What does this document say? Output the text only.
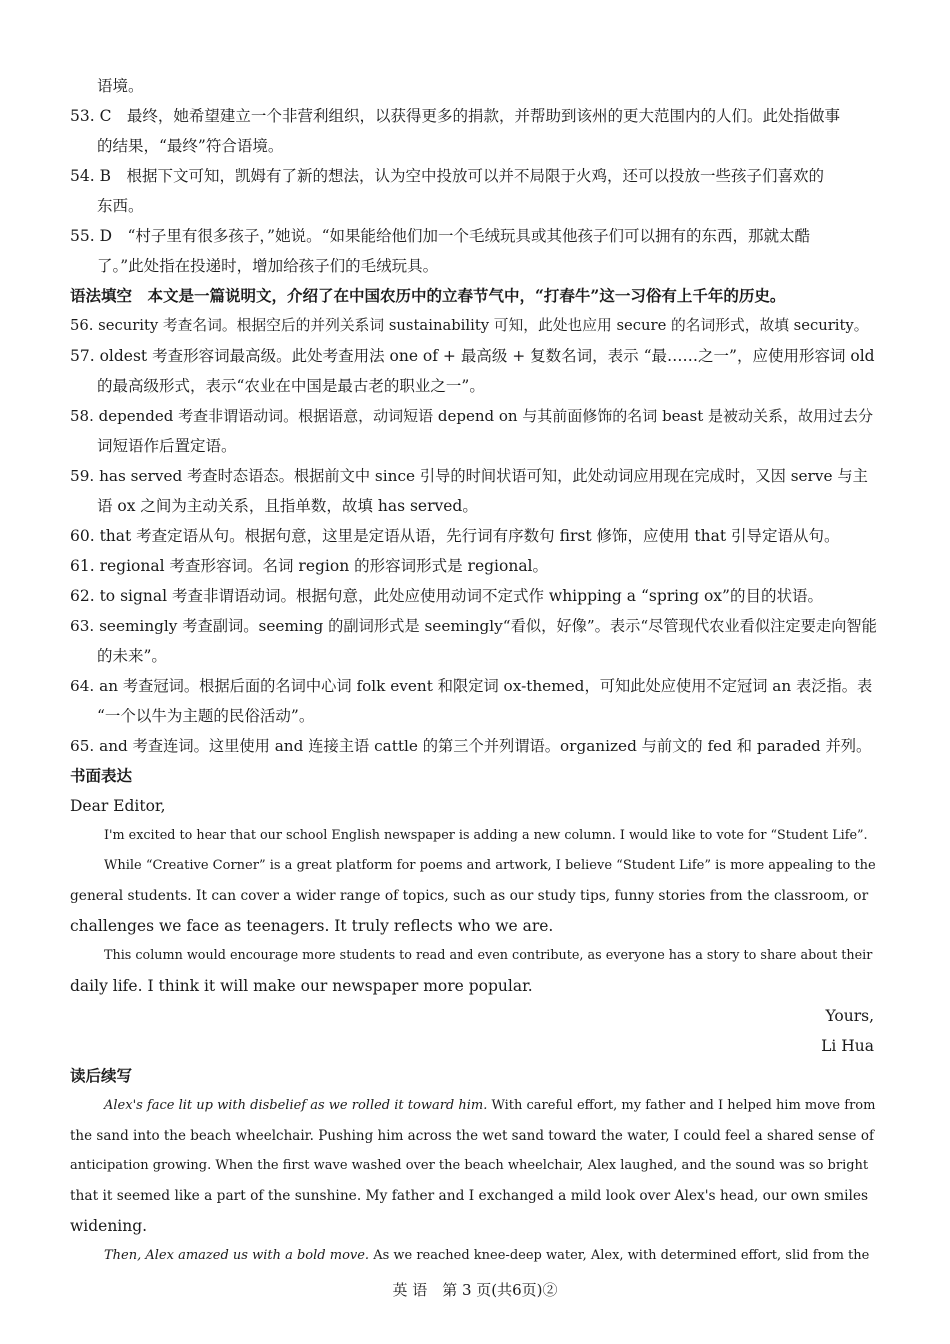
语境。
53. C　最终，她希望建立一个非营利组织，以获得更多的捐款，并帮助到该州的更大范围内的人们。此处指做事
的结果，“最终”符合语境。
54. B　根据下文可知，凯姆有了新的想法，认为空中投放可以并不局限于火鸡，还可以投放一些孩子们喜欢的
东西。
55. D　“村子里有很多孩子，”她说。“如果能给他们加一个毛绒玩具或其他孩子们可以拥有的东西，那就太酷
了。”此处指在投递时，增加给孩子们的毛绒玩具。
语法填空　本文是一篇说明文，介绍了在中国农历中的立春节气中，“打春牛”这一习俗有上千年的历史。
56. security 考查名词。根据空后的并列关系词 sustainability 可知，此处也应用 secure 的名词形式，故填 security。
57. oldest 考查形容词最高级。此处考查用法 one of + 最高级 + 复数名词，表示 “最……之一”，应使用形容词 old
的最高级形式，表示“农业在中国是最古老的职业之一”。
58. depended 考查非谓语动词。根据语意，动词短语 depend on 与其前面修饰的名词 beast 是被动关系，故用过去分
词短语作后置定语。
59. has served 考查时态语态。根据前文中 since 引导的时间状语可知，此处动词应用现在完成时，又因 serve 与主
语 ox 之间为主动关系，且指单数，故填 has served。
60. that 考查定语从句。根据句意，这里是定语从语，先行词有序数句 first 修饰，应使用 that 引导定语从句。
61. regional 考查形容词。名词 region 的形容词形式是 regional。
62. to signal 考查非谓语动词。根据句意，此处应使用动词不定式作 whipping a “spring ox”的目的状语。
63. seemingly 考查副词。seeming 的副词形式是 seemingly“看似，好像”。表示“尽管现代农业看似注定要走向智能
的未来”。
64. an 考查冠词。根据后面的名词中心词 folk event 和限定词 ox-themed，可知此处应使用不定冠词 an 表泛指。表
“一个以牛为主题的民俗活动”。
65. and 考查连词。这里使用 and 连接主语 cattle 的第三个并列谓语。organized 与前文的 fed 和 paraded 并列。
书面表达
Dear Editor,
I'm excited to hear that our school English newspaper is adding a new column. I would like to vote for “Student Life”.
While “Creative Corner” is a great platform for poems and artwork, I believe “Student Life” is more appealing to the
general students. It can cover a wider range of topics, such as our study tips, funny stories from the classroom, or
challenges we face as teenagers. It truly reflects who we are.
This column would encourage more students to read and even contribute, as everyone has a story to share about their
daily life. I think it will make our newspaper more popular.
Yours,
Li Hua
读后续写
Alex's face lit up with disbelief as we rolled it toward him. With careful effort, my father and I helped him move from
the sand into the beach wheelchair. Pushing him across the wet sand toward the water, I could feel a shared sense of
anticipation growing. When the first wave washed over the beach wheelchair, Alex laughed, and the sound was so bright
that it seemed like a part of the sunshine. My father and I exchanged a mild look over Alex's head, our own smiles
widening.
Then, Alex amazed us with a bold move. As we reached knee-deep water, Alex, with determined effort, slid from the
英 语　第 3 页(共6页)②
